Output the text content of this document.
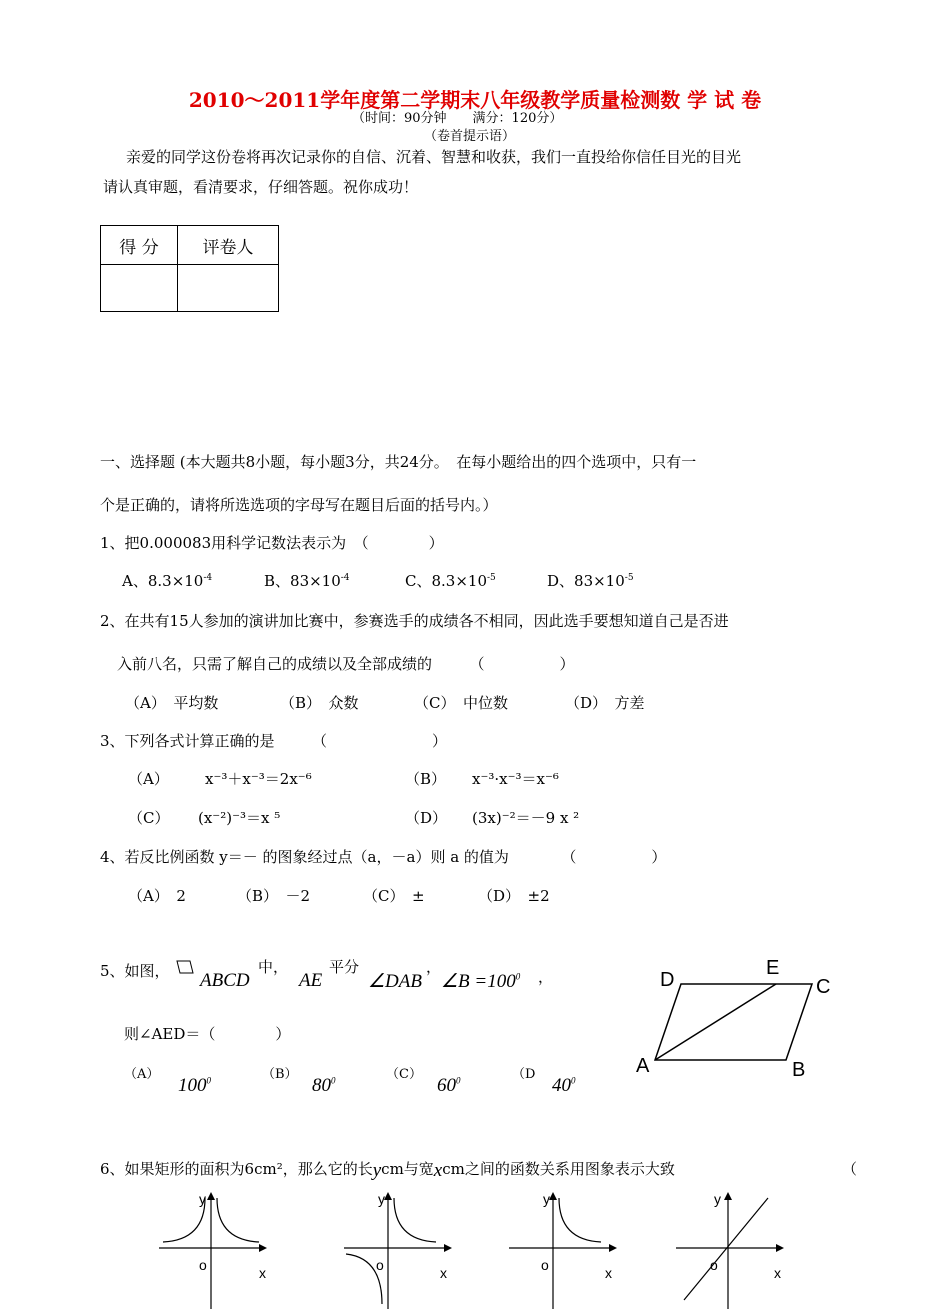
2010～2011学年度第二学期末八年级教学质量检测数 学 试 卷
（时间：90分钟　　满分：120分）
（卷首提示语）
亲爱的同学这份卷将再次记录你的自信、沉着、智慧和收获，我们一直投给你信任目光的目光
请认真审题，看清要求，仔细答题。祝你成功！
得 分	评卷人

一、选择题 (本大题共8小题，每小题3分，共24分。　在每小题给出的四个选项中，只有一
个是正确的，请将所选选项的字母写在题目后面的括号内。）
1、把0.000083用科学记数法表示为　（　　　　）
A、$8.3\times 10^{-4}$	B、$83\times 10^{-4}$	C、$8.3\times 10^{-5}$	D、$83\times 10^{-5}$
2、在共有15人参加的演讲加比赛中，参赛选手的成绩各不相同，因此选手要想知道自己是否进
入前八名，只需了解自己的成绩以及全部成绩的　　　（　　　　　）
（A）　 平均数	（B）　 众数	（C）　 中位数	（D）　 方差
3、下列各式计算正确的是　　　（　　　　　　　）
（A） x⁻³＋x⁻³＝2x⁻⁶	（B） x⁻³·x⁻³＝x⁻⁶
（C） (x⁻²)⁻³＝x ⁵	（D） (3x)⁻²＝－9 x ²
4、若反比例函数 y＝－ 的图象经过点（a，－a）则 a 的值为　　　　（　　　　　）
（A）　 2	（B）　 －2	（C）　 ±	（D）　 ±2
5、如图， ABCD
中，
AE
平分
∠DAB
，
∠B $=100^0$ ，
则∠AED＝（　　　　）
（A）
$100^0$	（B）
$80^0$	（C）
$60^0$	（D
$40^0$
D
E
C
A	B
6、如果矩形的面积为6cm²，那么它的长ycm与宽xcm之间的函数关系用图象表示大致	（
y
o	x
y
o	x
y
o	x
y
o	x
